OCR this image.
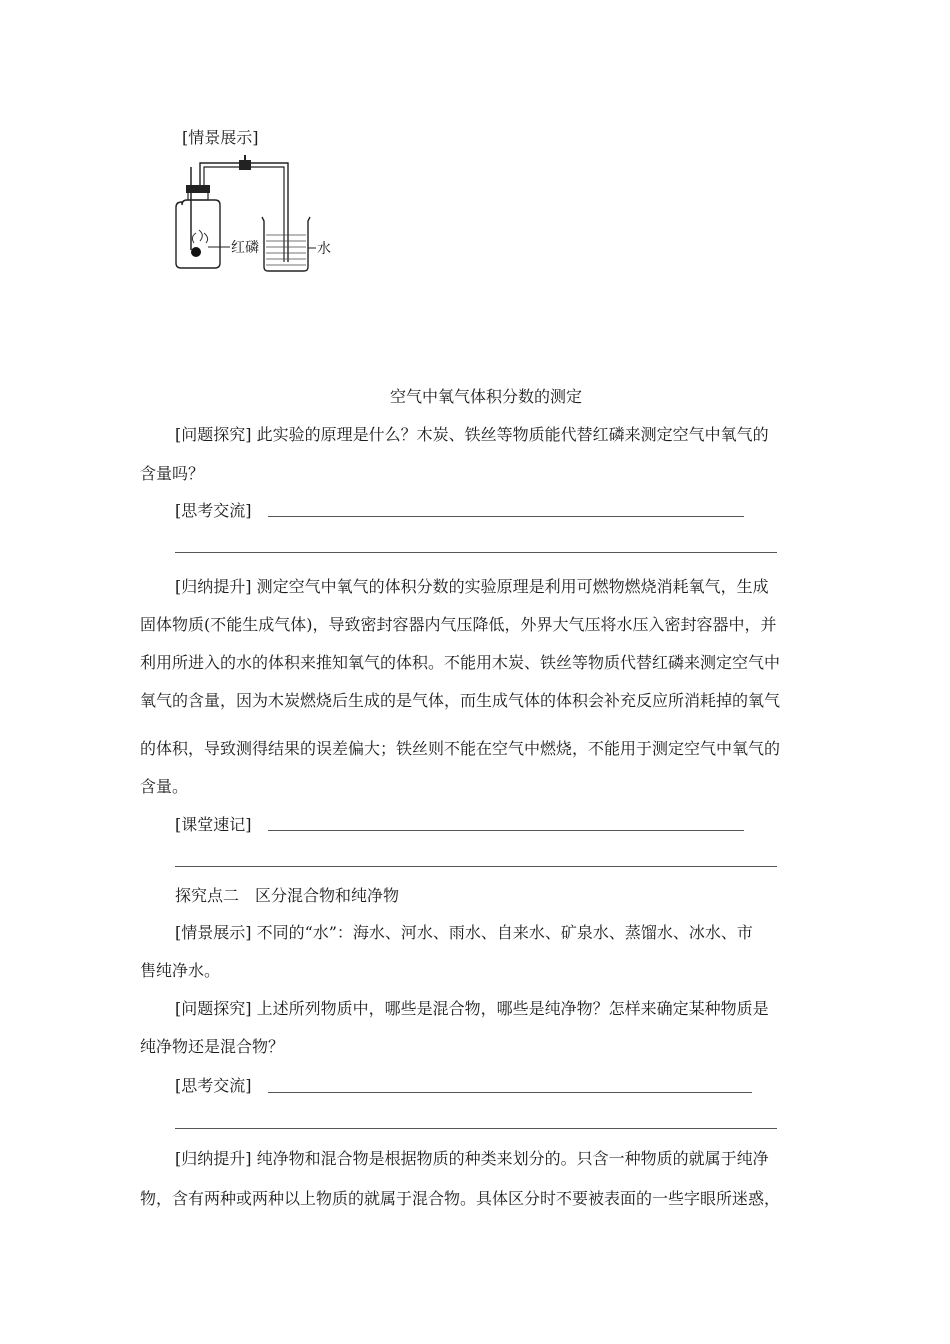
[情景展示]
红磷	水
空气中氧气体积分数的测定
[问题探究] 此实验的原理是什么？木炭、铁丝等物质能代替红磷来测定空气中氧气的
含量吗？
[思考交流]
[归纳提升] 测定空气中氧气的体积分数的实验原理是利用可燃物燃烧消耗氧气，生成
固体物质(不能生成气体)，导致密封容器内气压降低，外界大气压将水压入密封容器中，并
利用所进入的水的体积来推知氧气的体积。不能用木炭、铁丝等物质代替红磷来测定空气中
氧气的含量，因为木炭燃烧后生成的是气体，而生成气体的体积会补充反应所消耗掉的氧气
的体积，导致测得结果的误差偏大；铁丝则不能在空气中燃烧，不能用于测定空气中氧气的
含量。
[课堂速记]
探究点二　区分混合物和纯净物
[情景展示] 不同的“水”：海水、河水、雨水、自来水、矿泉水、蒸馏水、冰水、市
售纯净水。
[问题探究] 上述所列物质中，哪些是混合物，哪些是纯净物？怎样来确定某种物质是
纯净物还是混合物？
[思考交流]
[归纳提升] 纯净物和混合物是根据物质的种类来划分的。只含一种物质的就属于纯净
物，含有两种或两种以上物质的就属于混合物。具体区分时不要被表面的一些字眼所迷惑，
